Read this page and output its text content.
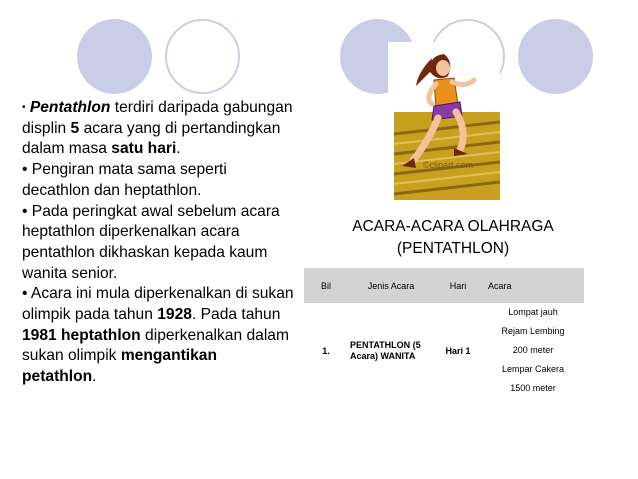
• Pentathlon terdiri daripada gabungan displin 5 acara yang di pertandingkan dalam masa satu hari.

• Pengiran mata sama seperti decathlon dan heptathlon.

• Pada peringkat awal sebelum acara heptathlon diperkenalkan acara pentathlon dikhaskan kepada kaum wanita senior.

• Acara ini mula diperkenalkan di sukan olimpik pada tahun 1928. Pada tahun 1981 heptathlon diperkenalkan dalam sukan olimpik mengantikan petathlon.

©clipart.com
ACARA-ACARA OLAHRAGA
(PENTATHLON)
Bil	Jenis Acara	Hari	Acara
1.	PENTATHLON (5 Acara) WANITA	Hari 1	Lompat jauh
Rejam Lembing
200 meter
Lempar Cakera
1500 meter
